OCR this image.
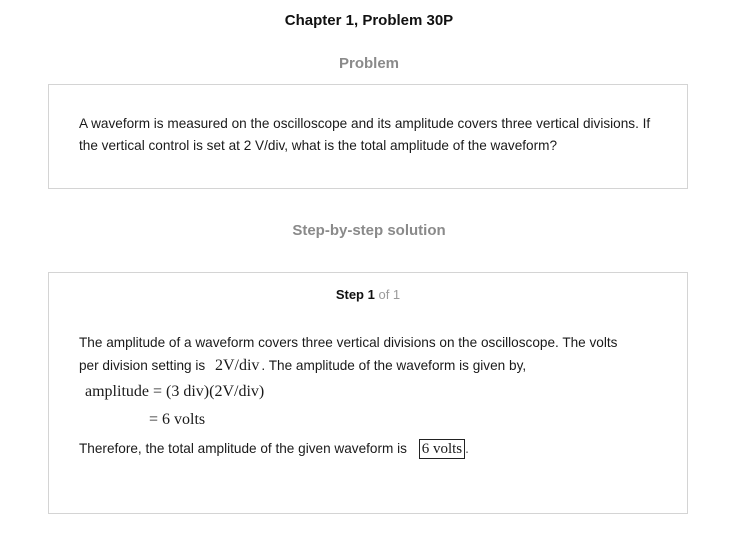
Chapter 1, Problem 30P
Problem
A waveform is measured on the oscilloscope and its amplitude covers three vertical divisions. If the vertical control is set at 2 V/div, what is the total amplitude of the waveform?
Step-by-step solution
Step 1 of 1
The amplitude of a waveform covers three vertical divisions on the oscilloscope. The volts
per division setting is 2V/div . The amplitude of the waveform is given by,
amplitude = (3 div)(2V/div)
= 6 volts
Therefore, the total amplitude of the given waveform is 6 volts .
